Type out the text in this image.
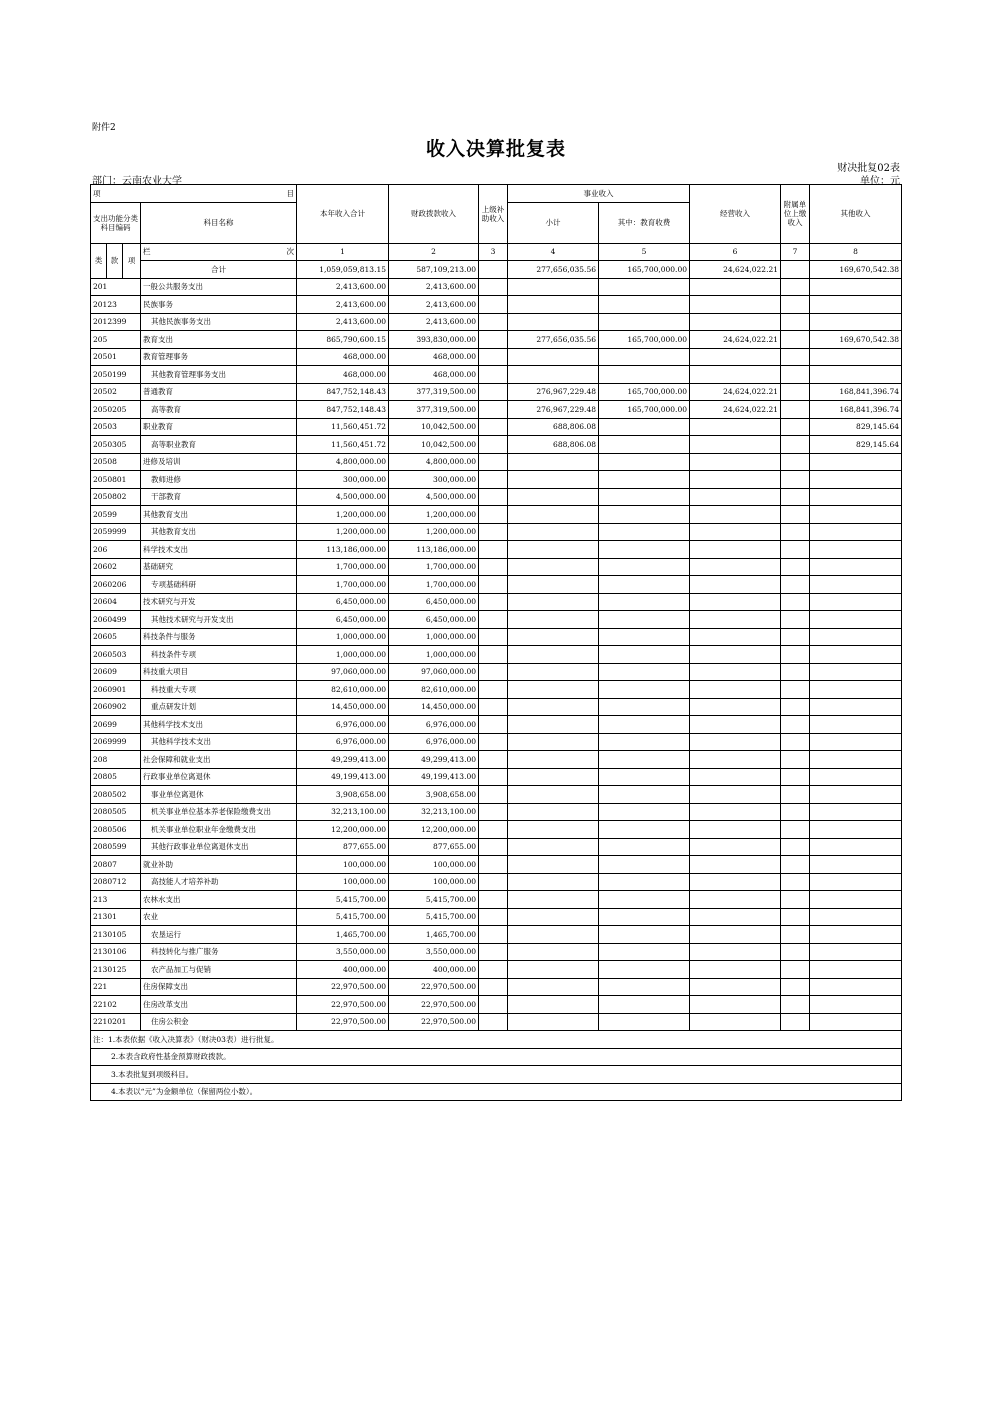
附件2
收入决算批复表
财决批复02表
部门：云南农业大学	单位：元
项			目	本年收入合计	财政拨款收入	上级补助收入	事业收入		经营收入	附属单位上缴收入	其他收入
支出功能分类科目编码			科目名称				小计	其中：教育收费			

类	款	项	栏 次	1	2	3	4	5	6	7	8
			合计	1,059,059,813.15	587,109,213.00		277,656,035.56	165,700,000.00	24,624,022.21		169,670,542.38
201			一般公共服务支出	2,413,600.00	2,413,600.00						
20123			民族事务	2,413,600.00	2,413,600.00						
2012399			其他民族事务支出	2,413,600.00	2,413,600.00						
205			教育支出	865,790,600.15	393,830,000.00		277,656,035.56	165,700,000.00	24,624,022.21		169,670,542.38
20501			教育管理事务	468,000.00	468,000.00						
2050199			其他教育管理事务支出	468,000.00	468,000.00						
20502			普通教育	847,752,148.43	377,319,500.00		276,967,229.48	165,700,000.00	24,624,022.21		168,841,396.74
2050205			高等教育	847,752,148.43	377,319,500.00		276,967,229.48	165,700,000.00	24,624,022.21		168,841,396.74
20503			职业教育	11,560,451.72	10,042,500.00		688,806.08				829,145.64
2050305			高等职业教育	11,560,451.72	10,042,500.00		688,806.08				829,145.64
20508			进修及培训	4,800,000.00	4,800,000.00						
2050801			教师进修	300,000.00	300,000.00						
2050802			干部教育	4,500,000.00	4,500,000.00						
20599			其他教育支出	1,200,000.00	1,200,000.00						
2059999			其他教育支出	1,200,000.00	1,200,000.00						
206			科学技术支出	113,186,000.00	113,186,000.00						
20602			基础研究	1,700,000.00	1,700,000.00						
2060206			专项基础科研	1,700,000.00	1,700,000.00						
20604			技术研究与开发	6,450,000.00	6,450,000.00						
2060499			其他技术研究与开发支出	6,450,000.00	6,450,000.00						
20605			科技条件与服务	1,000,000.00	1,000,000.00						
2060503			科技条件专项	1,000,000.00	1,000,000.00						
20609			科技重大项目	97,060,000.00	97,060,000.00						
2060901			科技重大专项	82,610,000.00	82,610,000.00						
2060902			重点研发计划	14,450,000.00	14,450,000.00						
20699			其他科学技术支出	6,976,000.00	6,976,000.00						
2069999			其他科学技术支出	6,976,000.00	6,976,000.00						
208			社会保障和就业支出	49,299,413.00	49,299,413.00						
20805			行政事业单位离退休	49,199,413.00	49,199,413.00						
2080502			事业单位离退休	3,908,658.00	3,908,658.00						
2080505			机关事业单位基本养老保险缴费支出	32,213,100.00	32,213,100.00						
2080506			机关事业单位职业年金缴费支出	12,200,000.00	12,200,000.00						
2080599			其他行政事业单位离退休支出	877,655.00	877,655.00						
20807			就业补助	100,000.00	100,000.00						
2080712			高技能人才培养补助	100,000.00	100,000.00						
213			农林水支出	5,415,700.00	5,415,700.00						
21301			农业	5,415,700.00	5,415,700.00						
2130105			农垦运行	1,465,700.00	1,465,700.00						
2130106			科技转化与推广服务	3,550,000.00	3,550,000.00						
2130125			农产品加工与促销	400,000.00	400,000.00						
221			住房保障支出	22,970,500.00	22,970,500.00						
22102			住房改革支出	22,970,500.00	22,970,500.00						
2210201			住房公积金	22,970,500.00	22,970,500.00						
注：1.本表依据《收入决算表》（财决03表）进行批复。											
2.本表含政府性基金预算财政拨款。											
3.本表批复到项级科目。											
4.本表以“元”为金额单位（保留两位小数）。											
